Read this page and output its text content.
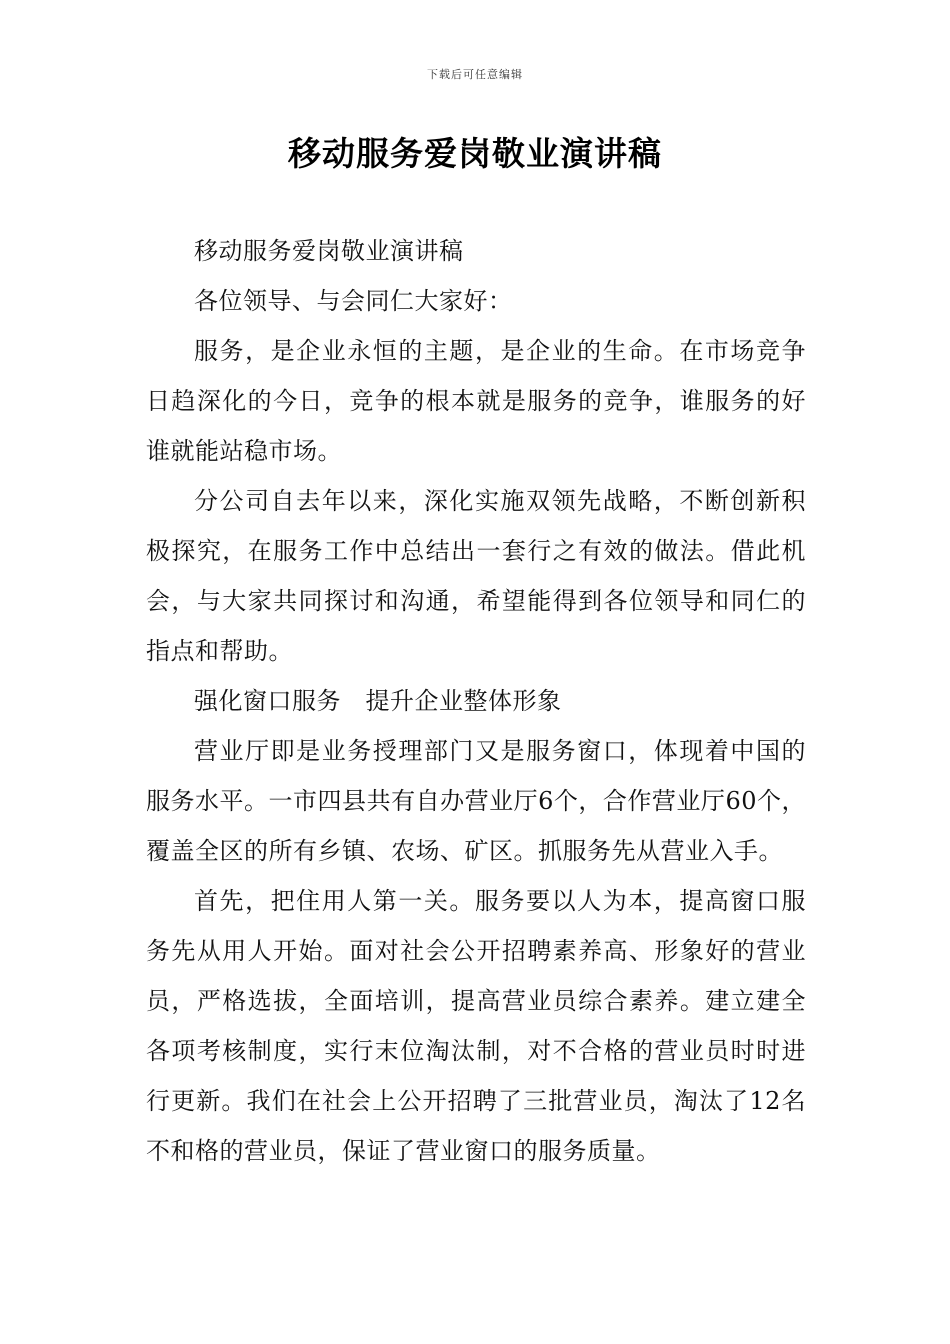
下载后可任意编辑
移动服务爱岗敬业演讲稿

移动服务爱岗敬业演讲稿

各位领导、与会同仁大家好：

服务，是企业永恒的主题，是企业的生命。在市场竞争日趋深化的今日，竞争的根本就是服务的竞争，谁服务的好谁就能站稳市场。

分公司自去年以来，深化实施双领先战略，不断创新积极探究，在服务工作中总结出一套行之有效的做法。借此机会，与大家共同探讨和沟通，希望能得到各位领导和同仁的指点和帮助。

强化窗口服务　提升企业整体形象

营业厅即是业务授理部门又是服务窗口，体现着中国的服务水平。一市四县共有自办营业厅6个，合作营业厅60个，覆盖全区的所有乡镇、农场、矿区。抓服务先从营业入手。

首先，把住用人第一关。服务要以人为本，提高窗口服务先从用人开始。面对社会公开招聘素养高、形象好的营业员，严格选拔，全面培训，提高营业员综合素养。建立建全各项考核制度，实行末位淘汰制，对不合格的营业员时时进行更新。我们在社会上公开招聘了三批营业员，淘汰了12名不和格的营业员，保证了营业窗口的服务质量。
